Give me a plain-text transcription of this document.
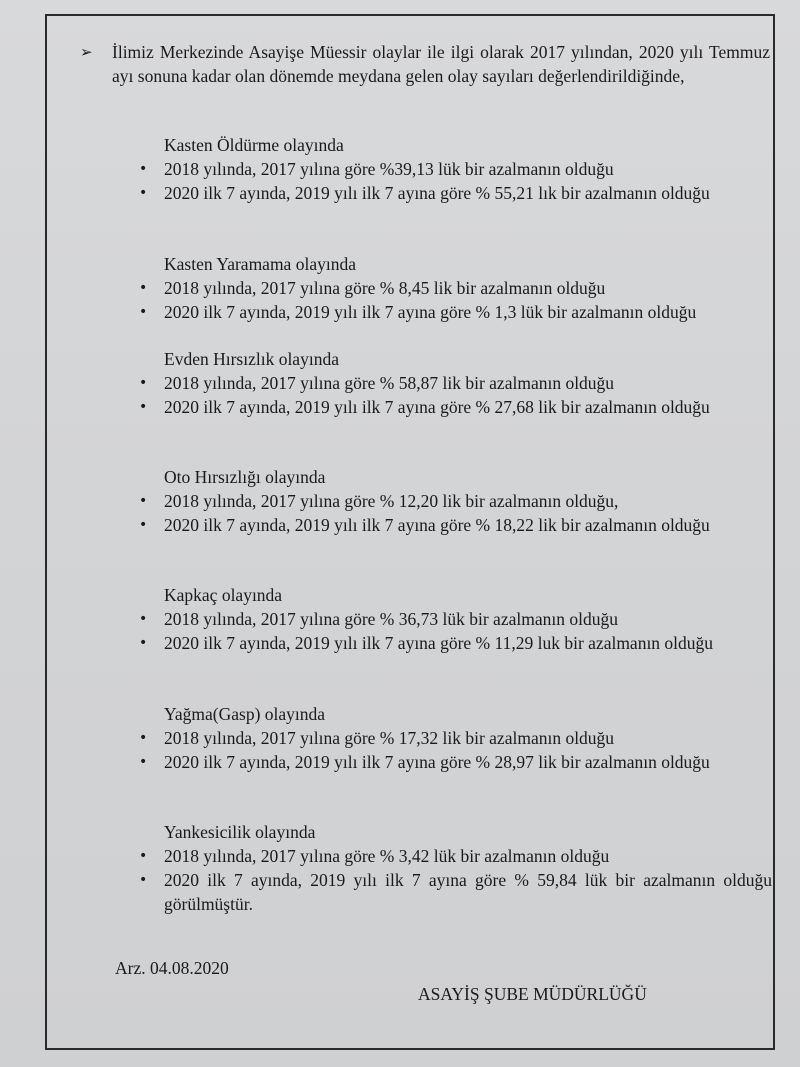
➢ İlimiz Merkezinde Asayişe Müessir olaylar ile ilgi olarak 2017 yılından, 2020 yılı Temmuz ayı sonuna kadar olan dönemde meydana gelen olay sayıları değerlendirildiğinde,

Kasten Öldürme olayında
• 2018 yılında, 2017 yılına göre %39,13 lük bir azalmanın olduğu
• 2020 ilk 7 ayında, 2019 yılı ilk 7 ayına göre % 55,21 lık bir azalmanın olduğu
Kasten Yaramama olayında
• 2018 yılında, 2017 yılına göre % 8,45 lik bir azalmanın olduğu
• 2020 ilk 7 ayında, 2019 yılı ilk 7 ayına göre % 1,3 lük bir azalmanın olduğu
Evden Hırsızlık olayında
• 2018 yılında, 2017 yılına göre % 58,87 lik bir azalmanın olduğu
• 2020 ilk 7 ayında, 2019 yılı ilk 7 ayına göre % 27,68 lik bir azalmanın olduğu
Oto Hırsızlığı olayında
• 2018 yılında, 2017 yılına göre % 12,20 lik bir azalmanın olduğu,
• 2020 ilk 7 ayında, 2019 yılı ilk 7 ayına göre % 18,22 lik bir azalmanın olduğu
Kapkaç olayında
• 2018 yılında, 2017 yılına göre % 36,73 lük bir azalmanın olduğu
• 2020 ilk 7 ayında, 2019 yılı ilk 7 ayına göre % 11,29 luk bir azalmanın olduğu
Yağma(Gasp) olayında
• 2018 yılında, 2017 yılına göre % 17,32 lik bir azalmanın olduğu
• 2020 ilk 7 ayında, 2019 yılı ilk 7 ayına göre % 28,97 lik bir azalmanın olduğu
Yankesicilik olayında
• 2018 yılında, 2017 yılına göre % 3,42 lük bir azalmanın olduğu
• 2020 ilk 7 ayında, 2019 yılı ilk 7 ayına göre % 59,84 lük bir azalmanın olduğu görülmüştür.
Arz. 04.08.2020
ASAYİŞ ŞUBE MÜDÜRLÜĞÜ
